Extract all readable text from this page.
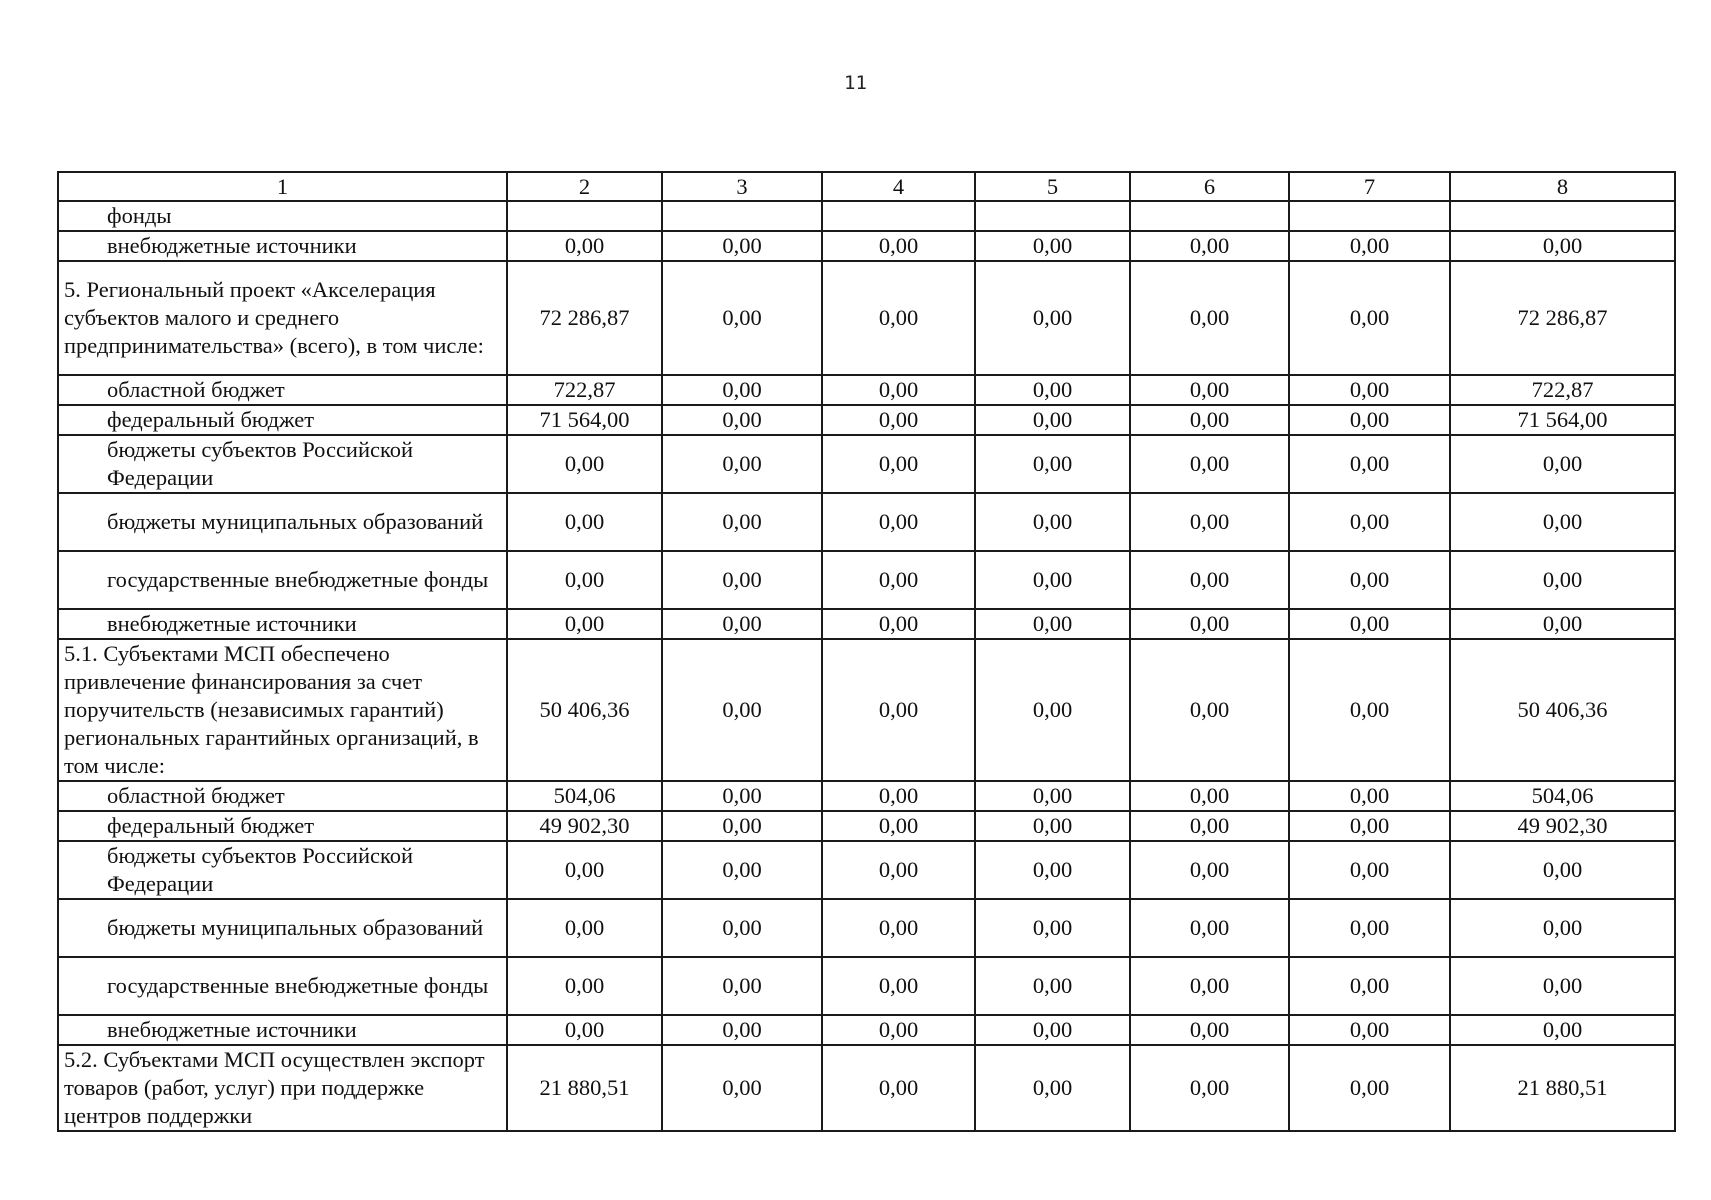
11
1	2	3	4	5	6	7	8
фонды							
внебюджетные источники	0,00	0,00	0,00	0,00	0,00	0,00	0,00
5. Региональный проект «Акселерация субъектов малого и среднего предпринимательства» (всего), в том числе:	72 286,87	0,00	0,00	0,00	0,00	0,00	72 286,87
областной бюджет	722,87	0,00	0,00	0,00	0,00	0,00	722,87
федеральный бюджет	71 564,00	0,00	0,00	0,00	0,00	0,00	71 564,00
бюджеты субъектов Российской Федерации	0,00	0,00	0,00	0,00	0,00	0,00	0,00
бюджеты муниципальных образований	0,00	0,00	0,00	0,00	0,00	0,00	0,00
государственные внебюджетные фонды	0,00	0,00	0,00	0,00	0,00	0,00	0,00
внебюджетные источники	0,00	0,00	0,00	0,00	0,00	0,00	0,00
5.1. Субъектами МСП обеспечено привлечение финансирования за счет поручительств (независимых гарантий) региональных гарантийных организаций, в том числе:	50 406,36	0,00	0,00	0,00	0,00	0,00	50 406,36
областной бюджет	504,06	0,00	0,00	0,00	0,00	0,00	504,06
федеральный бюджет	49 902,30	0,00	0,00	0,00	0,00	0,00	49 902,30
бюджеты субъектов Российской Федерации	0,00	0,00	0,00	0,00	0,00	0,00	0,00
бюджеты муниципальных образований	0,00	0,00	0,00	0,00	0,00	0,00	0,00
государственные внебюджетные фонды	0,00	0,00	0,00	0,00	0,00	0,00	0,00
внебюджетные источники	0,00	0,00	0,00	0,00	0,00	0,00	0,00
5.2. Субъектами МСП осуществлен экспорт товаров (работ, услуг) при поддержке центров поддержки	21 880,51	0,00	0,00	0,00	0,00	0,00	21 880,51
